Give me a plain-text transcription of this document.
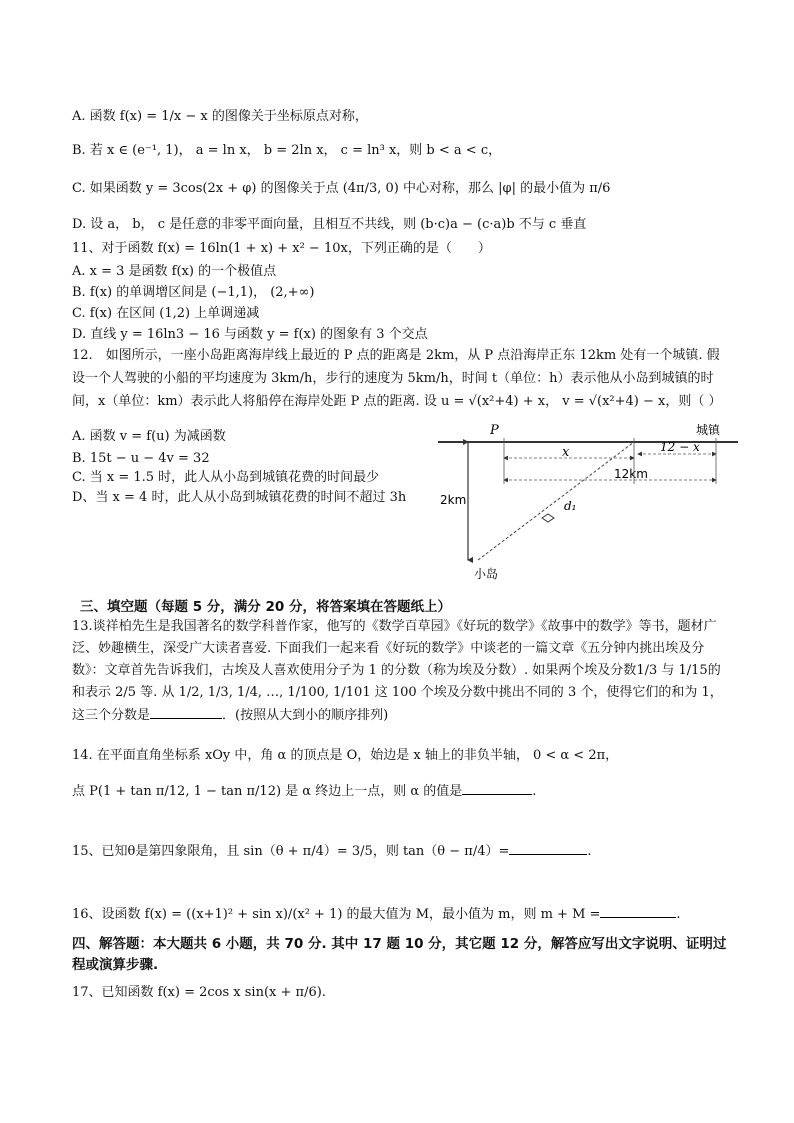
A. 函数 f(x) = 1/x − x 的图像关于坐标原点对称，
B. 若 x ∈ (e⁻¹, 1)， a = ln x， b = 2ln x， c = ln³ x，则 b < a < c，
C. 如果函数 y = 3cos(2x + φ) 的图像关于点 (4π/3, 0) 中心对称，那么 |φ| 的最小值为 π/6
D. 设 a， b， c 是任意的非零平面向量，且相互不共线，则 (b·c)a − (c·a)b 不与 c 垂直
11、对于函数 f(x) = 16ln(1 + x) + x² − 10x，下列正确的是（　　）
A. x = 3 是函数 f(x) 的一个极值点
B. f(x) 的单调增区间是 (−1,1)， (2,+∞)
C. f(x) 在区间 (1,2) 上单调递减
D. 直线 y = 16ln3 − 16 与函数 y = f(x) 的图象有 3 个交点
12.　如图所示，一座小岛距离海岸线上最近的 P 点的距离是 2km，从 P 点沿海岸正东 12km 处有一个城镇. 假设一个人驾驶的小船的平均速度为 3km/h，步行的速度为 5km/h，时间 t（单位：h）表示他从小岛到城镇的时间，x（单位：km）表示此人将船停在海岸处距 P 点的距离. 设 u = √(x²+4) + x， v = √(x²+4) − x，则（ ）
A. 函数 v = f(u) 为减函数
B. 15t − u − 4v = 32
C. 当 x = 1.5 时，此人从小岛到城镇花费的时间最少
D、当 x = 4 时，此人从小岛到城镇花费的时间不超过 3h
P	城镇
2km
x	12 − x
12km
d₁
小岛
三、填空题（每题 5 分，满分 20 分，将答案填在答题纸上）
13.谈祥柏先生是我国著名的数学科普作家，他写的《数学百草园》《好玩的数学》《故事中的数学》等书，题材广泛、妙趣横生，深受广大读者喜爱. 下面我们一起来看《好玩的数学》中谈老的一篇文章《五分钟内挑出埃及分数》：文章首先告诉我们，古埃及人喜欢使用分子为 1 的分数（称为埃及分数）. 如果两个埃及分数1/3 与 1/15的和表示 2/5 等. 从 1/2, 1/3, 1/4, …, 1/100, 1/101 这 100 个埃及分数中挑出不同的 3 个，使得它们的和为 1，这三个分数是	．(按照从大到小的顺序排列)
14. 在平面直角坐标系 xOy 中，角 α 的顶点是 O，始边是 x 轴上的非负半轴， 0 < α < 2π，
点 P(1 + tan π/12, 1 − tan π/12) 是 α 终边上一点，则 α 的值是	.
15、已知θ是第四象限角，且 sin（θ + π/4）= 3/5，则 tan（θ − π/4）=	.
16、设函数 f(x) = ((x+1)² + sin x)/(x² + 1) 的最大值为 M，最小值为 m，则 m + M =	.
四、解答题：本大题共 6 小题，共 70 分. 其中 17 题 10 分，其它题 12 分，解答应写出文字说明、证明过程或演算步骤.
17、已知函数 f(x) = 2cos x sin(x + π/6).
